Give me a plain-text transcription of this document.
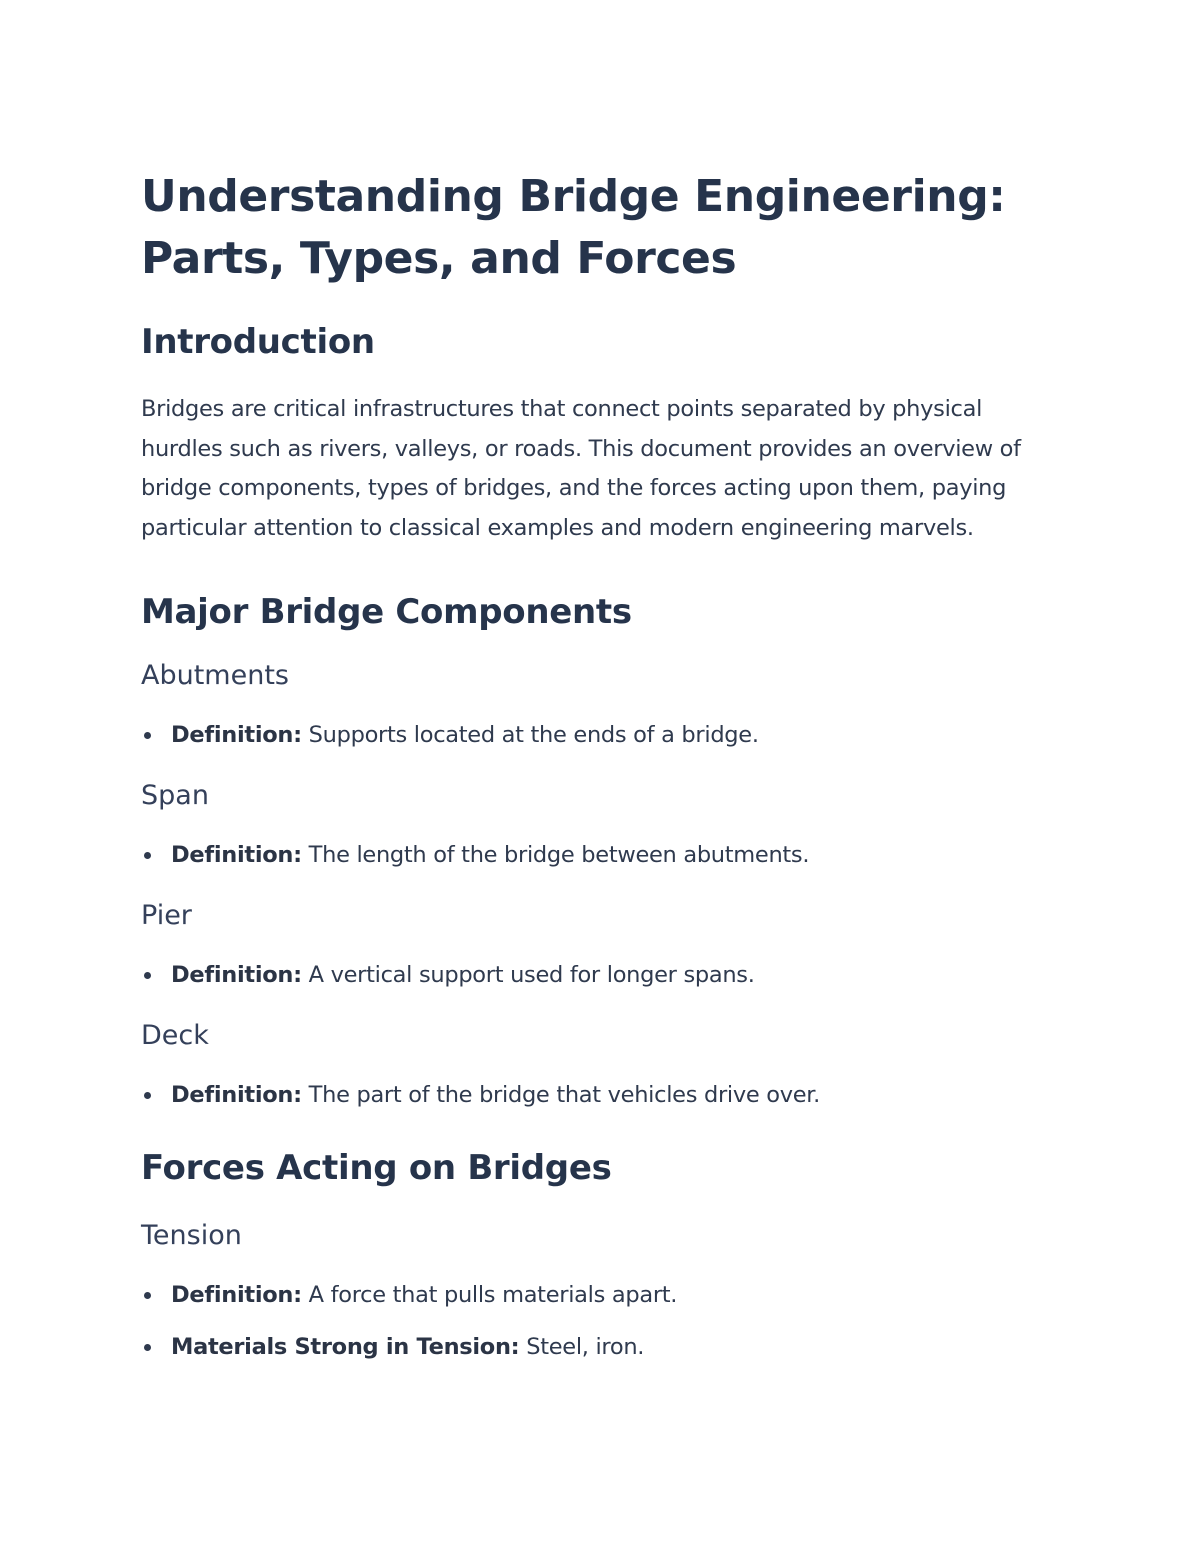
Understanding Bridge Engineering: Parts, Types, and Forces
Introduction

Bridges are critical infrastructures that connect points separated by physical hurdles such as rivers, valleys, or roads. This document provides an overview of bridge components, types of bridges, and the forces acting upon them, paying particular attention to classical examples and modern engineering marvels.

Major Bridge Components
Abutments
Definition: Supports located at the ends of a bridge.
Span
Definition: The length of the bridge between abutments.
Pier
Definition: A vertical support used for longer spans.
Deck
Definition: The part of the bridge that vehicles drive over.
Forces Acting on Bridges
Tension
Definition: A force that pulls materials apart.
Materials Strong in Tension: Steel, iron.
